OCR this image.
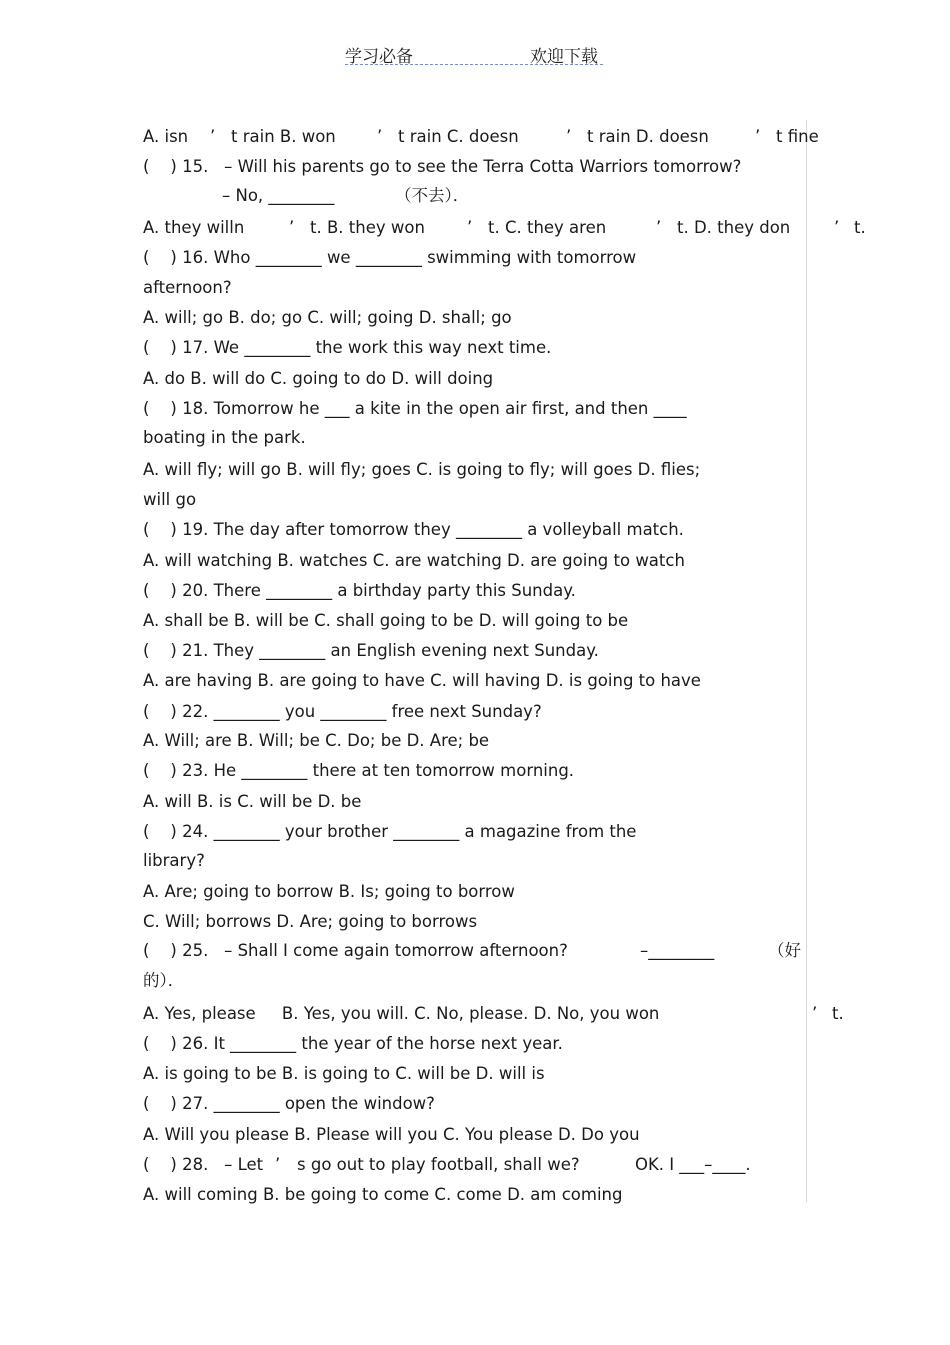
学习必备	欢迎下载
A. isn ’ t rain B. won ’ t rain C. doesn	’ t rain D. doesn	’ t fine
(    ) 15.   – Will his parents go to see the Terra Cotta Warriors tomorrow?
– No, ________	（不去）．
A. they willn	’ t. B. they won	’ t. C. they aren	’ t. D. they don	’ t.
(    ) 16. Who ________ we ________ swimming with tomorrow
afternoon?
A. will; go B. do; go C. will; going D. shall; go
(    ) 17. We ________ the work this way next time.
A. do B. will do C. going to do D. will doing
(    ) 18. Tomorrow he ___ a kite in the open air first, and then ____
boating in the park.
A. will fly; will go B. will fly; goes C. is going to fly; will goes D. flies;
will go
(    ) 19. The day after tomorrow they ________ a volleyball match.
A. will watching B. watches C. are watching D. are going to watch
(    ) 20. There ________ a birthday party this Sunday.
A. shall be B. will be C. shall going to be D. will going to be
(    ) 21. They ________ an English evening next Sunday.
A. are having B. are going to have C. will having D. is going to have
(    ) 22. ________ you ________ free next Sunday?
A. Will; are B. Will; be C. Do; be D. Are; be
(    ) 23. He ________ there at ten tomorrow morning.
A. will B. is C. will be D. be
(    ) 24. ________ your brother ________ a magazine from the
library?
A. Are; going to borrow B. Is; going to borrow
C. Will; borrows D. Are; going to borrows
(    ) 25.   – Shall I come again tomorrow afternoon?	–________	（好
的）．
A. Yes, please     B. Yes, you will. C. No, please. D. No, you won	’ t.
(    ) 26. It ________ the year of the horse next year.
A. is going to be B. is going to C. will be D. will is
(    ) 27. ________ open the window?
A. Will you please B. Please will you C. You please D. Do you
(    ) 28.   – Let ’ s go out to play football, shall we?	OK. I ___–____.
A. will coming B. be going to come C. come D. am coming
